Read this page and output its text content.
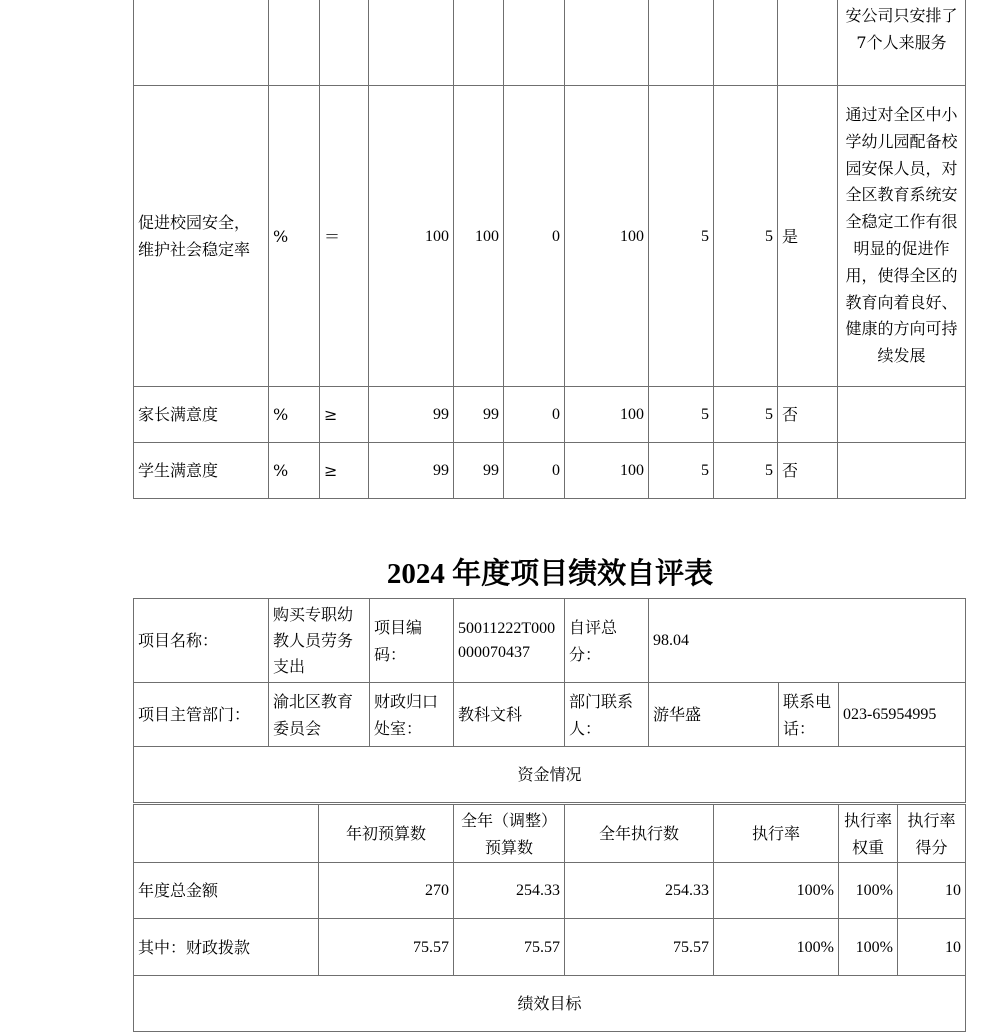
										安公司只安排了7个人来服务
促进校园安全，维护社会稳定率	%	＝	100	100	0	100	5	5	是	通过对全区中小学幼儿园配备校园安保人员，对全区教育系统安全稳定工作有很明显的促进作用，使得全区的教育向着良好、健康的方向可持续发展
家长满意度	%	≥	99	99	0	100	5	5	否	
学生满意度	%	≥	99	99	0	100	5	5	否	
2024 年度项目绩效自评表
项目名称：	购买专职幼教人员劳务支出	项目编码：	50011222T000000070437	自评总分：	98.04		
项目主管部门：	渝北区教育委员会	财政归口处室：	教科文科	部门联系人：	游华盛	联系电话：	023-65954995
资金情况							
	年初预算数	全年（调整）预算数	全年执行数	执行率	执行率权重	执行率得分
年度总金额	270	254.33	254.33	100%	100%	10
其中：财政拨款	75.57	75.57	75.57	100%	100%	10
绩效目标						
